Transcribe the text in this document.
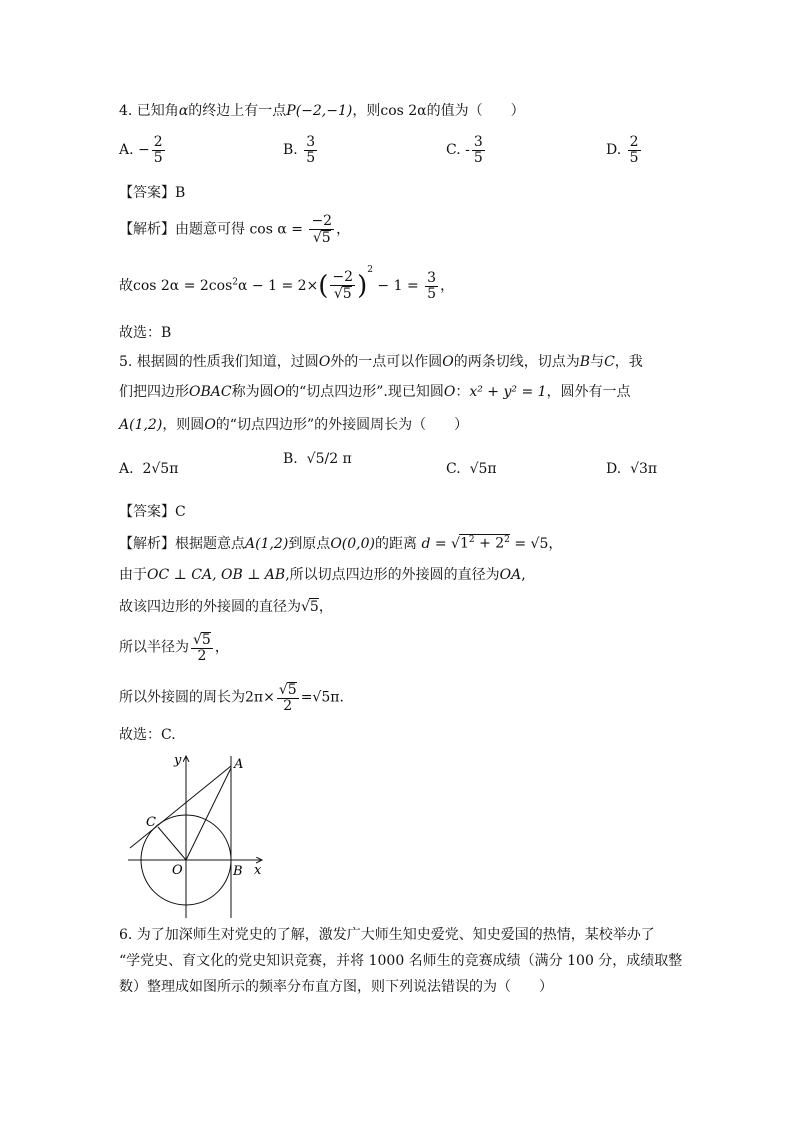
4. 已知角α的终边上有一点P(−2,−1)，则cos 2α的值为（　　）
A. − $\frac{2}{5}$	B. $\frac{3}{5}$	C. - $\frac{3}{5}$	D. $\frac{2}{5}$
【答案】B
【解析】由题意可得 $\cos \alpha = \frac{-2}{√5}$ ，
故$\cos 2\alpha = 2\cos^2\alpha - 1 = 2\times( \frac{-2}{√5} )^2 - 1 = \frac{3}{5}$ ，
故选：B
5. 根据圆的性质我们知道，过圆O外的一点可以作圆O的两条切线，切点为B与C，我
们把四边形OBAC称为圆O的“切点四边形”.现已知圆O：x² + y² = 1，圆外有一点
A(1,2)，则圆O的“切点四边形”的外接圆周长为（　　）
A. 2√5π
B. √5/2 π
C. √5π	D. √3π
【答案】C
【解析】根据题意点A(1,2)到原点O(0,0)的距离 $d = √1^2 + 2^2 = √5$，
由于OC ⊥ CA, OB ⊥ AB,所以切点四边形的外接圆的直径为OA,
故该四边形的外接圆的直径为√5，
所以半径为 $\frac{√5}{2}$ ，
所以外接圆的周长为$2\pi\times \frac{√5}{2} =√5\pi$.
故选：C.
y	A
C
O	B x
6. 为了加深师生对党史的了解，激发广大师生知史爱党、知史爱国的热情，某校举办了
“学党史、育文化的党史知识竞赛，并将 1000 名师生的竞赛成绩（满分 100 分，成绩取整
数）整理成如图所示的频率分布直方图，则下列说法错误的为（　　）
